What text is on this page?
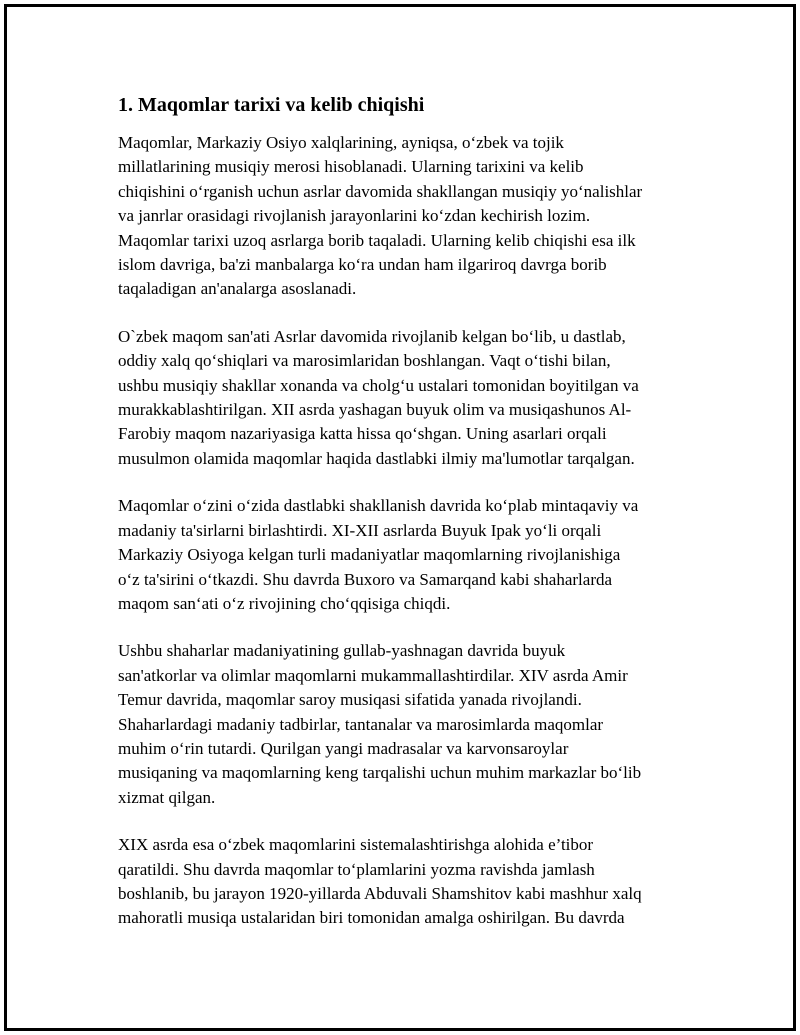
1. Maqomlar tarixi va kelib chiqishi

Maqomlar, Markaziy Osiyo xalqlarining, ayniqsa, o‘zbek va tojik
millatlarining musiqiy merosi hisoblanadi. Ularning tarixini va kelib
chiqishini o‘rganish uchun asrlar davomida shakllangan musiqiy yo‘nalishlar
va janrlar orasidagi rivojlanish jarayonlarini ko‘zdan kechirish lozim.
Maqomlar tarixi uzoq asrlarga borib taqaladi. Ularning kelib chiqishi esa ilk
islom davriga, ba'zi manbalarga ko‘ra undan ham ilgariroq davrga borib
taqaladigan an'analarga asoslanadi.

O`zbek maqom san'ati Asrlar davomida rivojlanib kelgan bo‘lib, u dastlab,
oddiy xalq qo‘shiqlari va marosimlaridan boshlangan. Vaqt o‘tishi bilan,
ushbu musiqiy shakllar xonanda va cholg‘u ustalari tomonidan boyitilgan va
murakkablashtirilgan. XII asrda yashagan buyuk olim va musiqashunos Al-
Farobiy maqom nazariyasiga katta hissa qo‘shgan. Uning asarlari orqali
musulmon olamida maqomlar haqida dastlabki ilmiy ma'lumotlar tarqalgan.

Maqomlar o‘zini o‘zida dastlabki shakllanish davrida ko‘plab mintaqaviy va
madaniy ta'sirlarni birlashtirdi. XI-XII asrlarda Buyuk Ipak yo‘li orqali
Markaziy Osiyoga kelgan turli madaniyatlar maqomlarning rivojlanishiga
o‘z ta'sirini o‘tkazdi. Shu davrda Buxoro va Samarqand kabi shaharlarda
maqom san‘ati o‘z rivojining cho‘qqisiga chiqdi.

Ushbu shaharlar madaniyatining gullab-yashnagan davrida buyuk
san'atkorlar va olimlar maqomlarni mukammallashtirdilar. XIV asrda Amir
Temur davrida, maqomlar saroy musiqasi sifatida yanada rivojlandi.
Shaharlardagi madaniy tadbirlar, tantanalar va marosimlarda maqomlar
muhim o‘rin tutardi. Qurilgan yangi madrasalar va karvonsaroylar
musiqaning va maqomlarning keng tarqalishi uchun muhim markazlar bo‘lib
xizmat qilgan.

XIX asrda esa o‘zbek maqomlarini sistemalashtirishga alohida e’tibor
qaratildi. Shu davrda maqomlar to‘plamlarini yozma ravishda jamlash
boshlanib, bu jarayon 1920-yillarda Abduvali Shamshitov kabi mashhur xalq
mahoratli musiqa ustalaridan biri tomonidan amalga oshirilgan. Bu davrda
